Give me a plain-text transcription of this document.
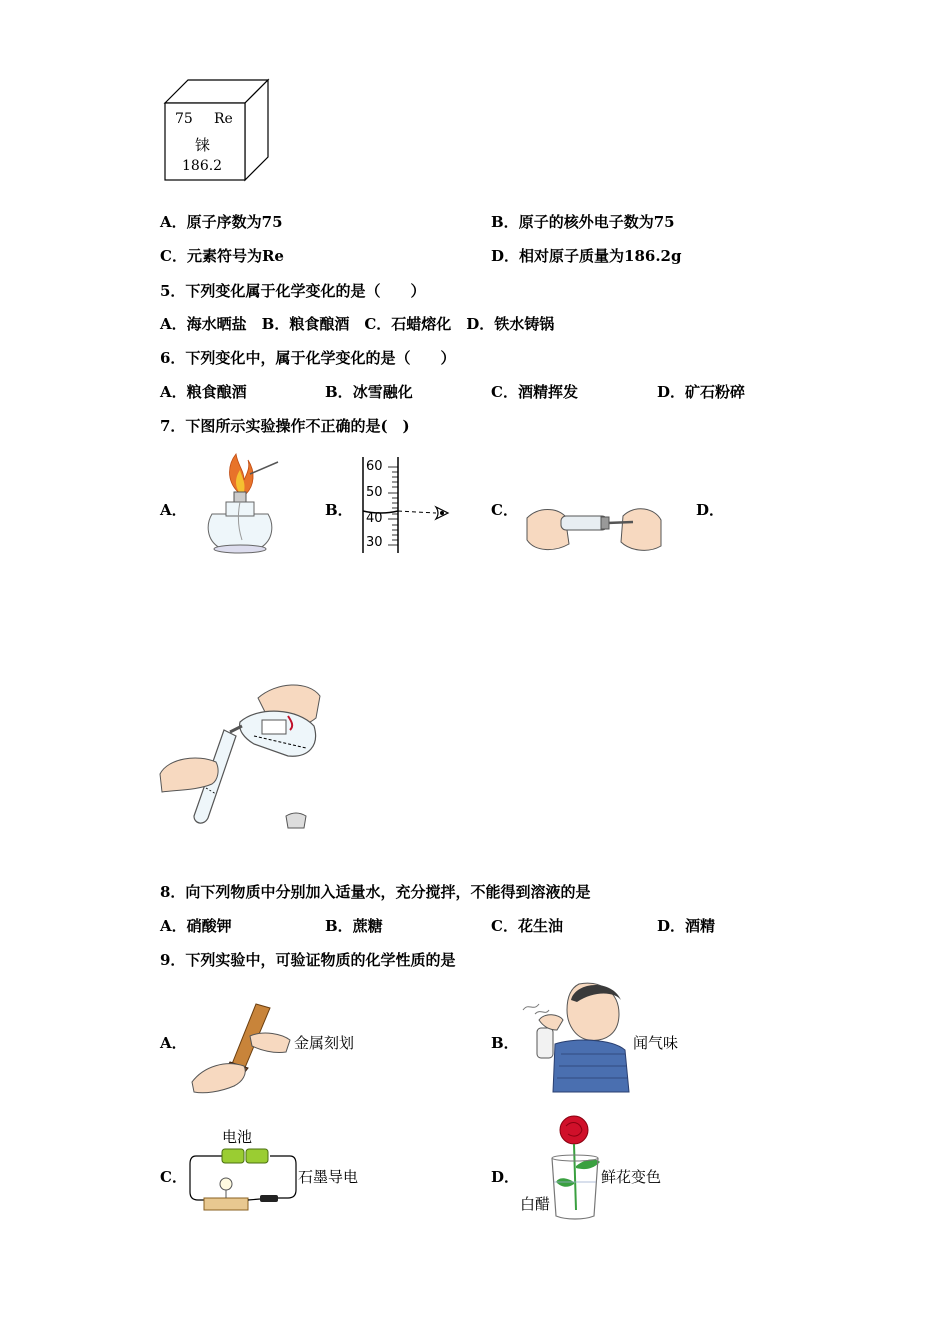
75 Re
铼
186.2
A．原子序数为75	B．原子的核外电子数为75
C．元素符号为Re	D．相对原子质量为186.2g
5．下列变化属于化学变化的是（　　）
A．海水晒盐　B．粮食酿酒　C．石蜡熔化　D．铁水铸锅
6．下列变化中，属于化学变化的是（　　）
A．粮食酿酒	B．冰雪融化	C．酒精挥发	D．矿石粉碎
7．下图所示实验操作不正确的是(　)
A．	B．	C．	D．
60
50
40
30
8．向下列物质中分别加入适量水，充分搅拌，不能得到溶液的是
A．硝酸钾	B．蔗糖	C．花生油	D．酒精
9．下列实验中，可验证物质的化学性质的是
A．	金属刻划	B．	闻气味
C．
电池
石墨导电	D．
白醋
鲜花变色
